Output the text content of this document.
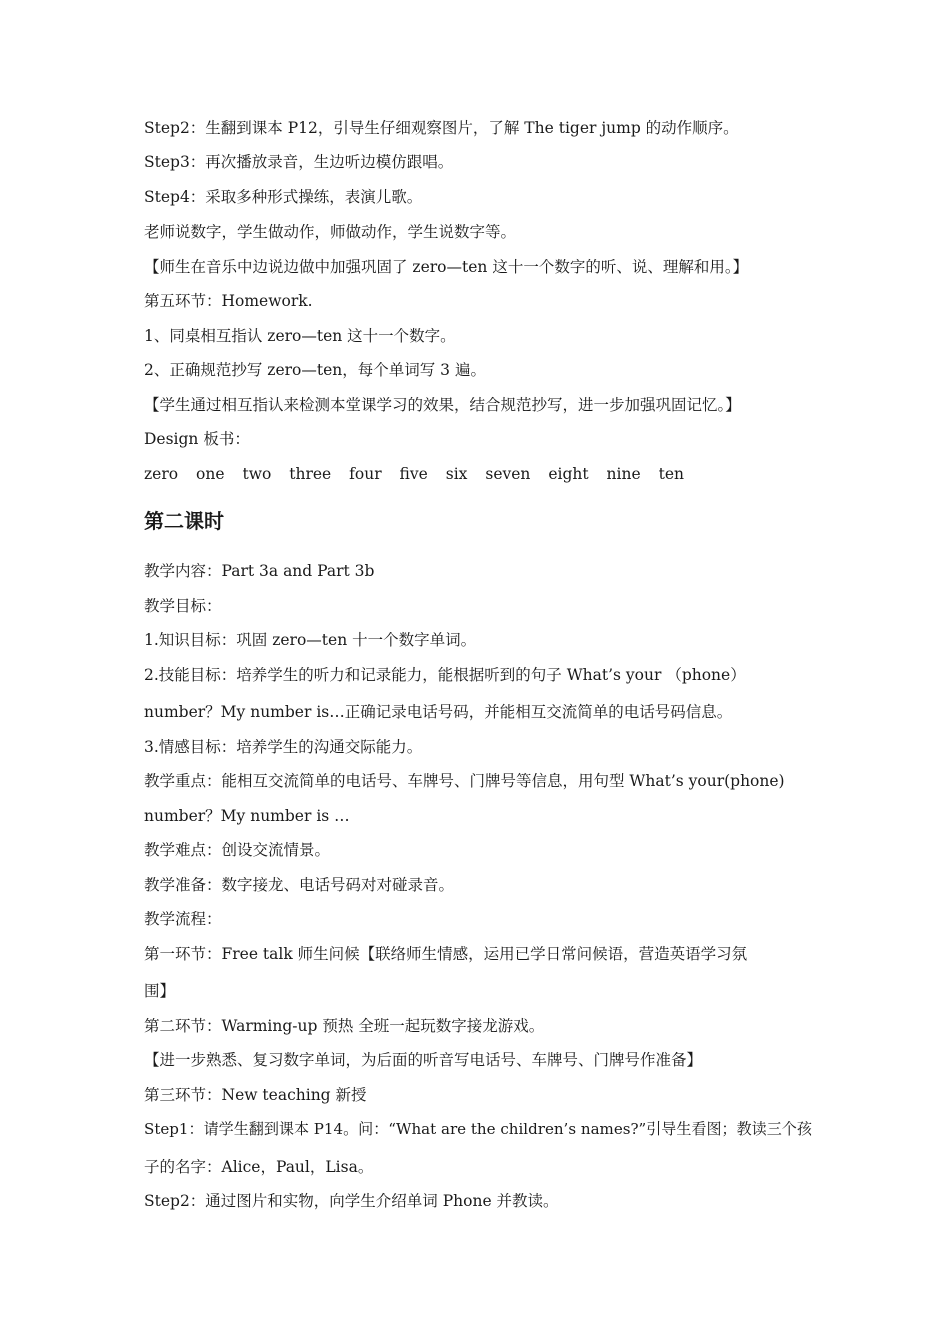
Step2：生翻到课本 P12，引导生仔细观察图片，了解 The tiger jump 的动作顺序。
Step3：再次播放录音，生边听边模仿跟唱。
Step4：采取多种形式操练，表演儿歌。
老师说数字，学生做动作，师做动作，学生说数字等。
【师生在音乐中边说边做中加强巩固了 zero—ten 这十一个数字的听、说、理解和用。】
第五环节：Homework.
1、同桌相互指认 zero—ten 这十一个数字。
2、正确规范抄写 zero—ten，每个单词写 3 遍。
【学生通过相互指认来检测本堂课学习的效果，结合规范抄写，进一步加强巩固记忆。】
Design 板书：
zero one two three four five six seven eight nine ten
第二课时
教学内容：Part 3a and Part 3b
教学目标：
1.知识目标：巩固 zero—ten 十一个数字单词。
2.技能目标：培养学生的听力和记录能力，能根据听到的句子 What’s your （phone）
number？My number is…正确记录电话号码，并能相互交流简单的电话号码信息。
3.情感目标：培养学生的沟通交际能力。
教学重点：能相互交流简单的电话号、车牌号、门牌号等信息，用句型 What’s your(phone)
number？My number is …
教学难点：创设交流情景。
教学准备：数字接龙、电话号码对对碰录音。
教学流程：
第一环节：Free talk 师生问候【联络师生情感，运用已学日常问候语，营造英语学习氛
围】
第二环节：Warming-up 预热 全班一起玩数字接龙游戏。
【进一步熟悉、复习数字单词，为后面的听音写电话号、车牌号、门牌号作准备】
第三环节：New teaching 新授
Step1：请学生翻到课本 P14。问：“What are the children’s names?”引导生看图；教读三个孩
子的名字：Alice，Paul，Lisa。
Step2：通过图片和实物，向学生介绍单词 Phone 并教读。
